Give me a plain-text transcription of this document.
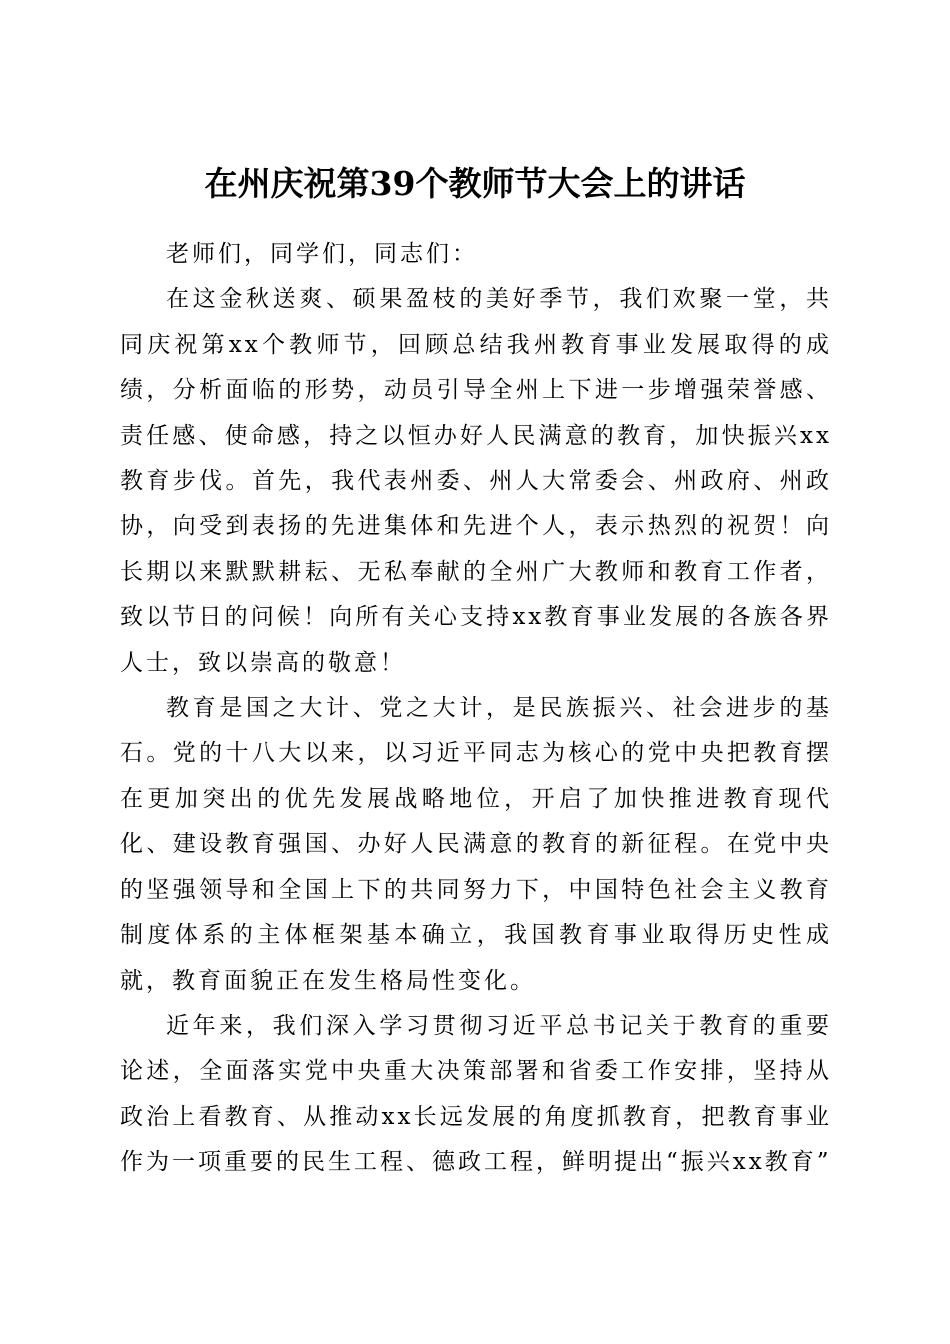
在州庆祝第39个教师节大会上的讲话

老师们，同学们，同志们：

在这金秋送爽、硕果盈枝的美好季节，我们欢聚一堂，共同庆祝第xx个教师节，回顾总结我州教育事业发展取得的成绩，分析面临的形势，动员引导全州上下进一步增强荣誉感、责任感、使命感，持之以恒办好人民满意的教育，加快振兴xx教育步伐。首先，我代表州委、州人大常委会、州政府、州政协，向受到表扬的先进集体和先进个人，表示热烈的祝贺！向长期以来默默耕耘、无私奉献的全州广大教师和教育工作者，致以节日的问候！向所有关心支持xx教育事业发展的各族各界人士，致以崇高的敬意！

教育是国之大计、党之大计，是民族振兴、社会进步的基石。党的十八大以来，以习近平同志为核心的党中央把教育摆在更加突出的优先发展战略地位，开启了加快推进教育现代化、建设教育强国、办好人民满意的教育的新征程。在党中央的坚强领导和全国上下的共同努力下，中国特色社会主义教育制度体系的主体框架基本确立，我国教育事业取得历史性成就，教育面貌正在发生格局性变化。

近年来，我们深入学习贯彻习近平总书记关于教育的重要论述，全面落实党中央重大决策部署和省委工作安排，坚持从政治上看教育、从推动xx长远发展的角度抓教育，把教育事业作为一项重要的民生工程、德政工程，鲜明提出“振兴xx教育”
